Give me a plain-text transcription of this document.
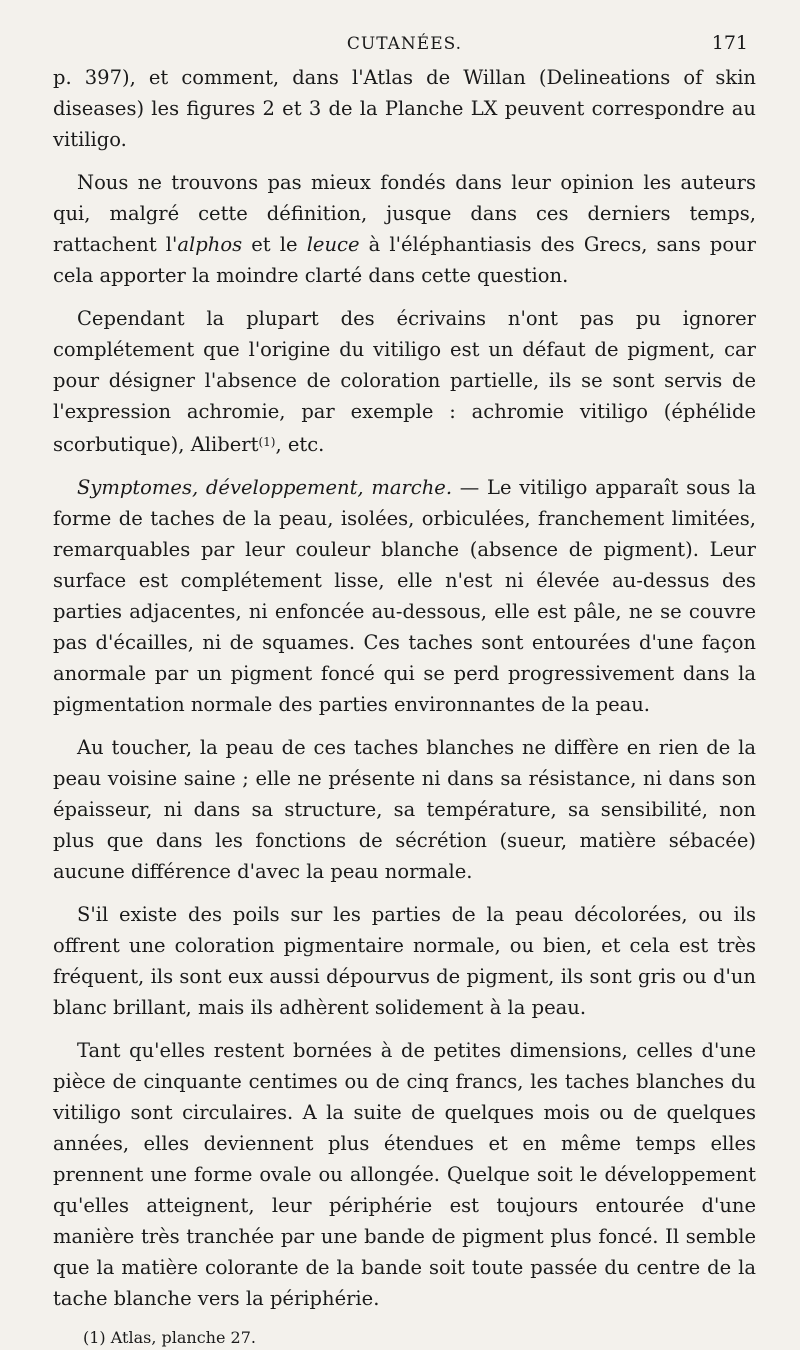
CUTANÉES.	171

p. 397), et comment, dans l'Atlas de Willan (Delineations of skin diseases) les figures 2 et 3 de la Planche LX peuvent correspondre au vitiligo.

Nous ne trouvons pas mieux fondés dans leur opinion les auteurs qui, malgré cette définition, jusque dans ces derniers temps, rattachent l'alphos et le leuce à l'éléphantiasis des Grecs, sans pour cela apporter la moindre clarté dans cette question.

Cependant la plupart des écrivains n'ont pas pu ignorer complétement que l'origine du vitiligo est un défaut de pigment, car pour désigner l'absence de coloration partielle, ils se sont servis de l'expression achromie, par exemple : achromie vitiligo (éphélide scorbutique), Alibert$^{(1)}$, etc.

Symptomes, développement, marche. — Le vitiligo apparaît sous la forme de taches de la peau, isolées, orbiculées, franchement limitées, remarquables par leur couleur blanche (absence de pigment). Leur surface est complétement lisse, elle n'est ni élevée au-dessus des parties adjacentes, ni enfoncée au-dessous, elle est pâle, ne se couvre pas d'écailles, ni de squames. Ces taches sont entourées d'une façon anormale par un pigment foncé qui se perd progressivement dans la pigmentation normale des parties environnantes de la peau.

Au toucher, la peau de ces taches blanches ne diffère en rien de la peau voisine saine ; elle ne présente ni dans sa résistance, ni dans son épaisseur, ni dans sa structure, sa température, sa sensibilité, non plus que dans les fonctions de sécrétion (sueur, matière sébacée) aucune différence d'avec la peau normale.

S'il existe des poils sur les parties de la peau décolorées, ou ils offrent une coloration pigmentaire normale, ou bien, et cela est très fréquent, ils sont eux aussi dépourvus de pigment, ils sont gris ou d'un blanc brillant, mais ils adhèrent solidement à la peau.

Tant qu'elles restent bornées à de petites dimensions, celles d'une pièce de cinquante centimes ou de cinq francs, les taches blanches du vitiligo sont circulaires. A la suite de quelques mois ou de quelques années, elles deviennent plus étendues et en même temps elles prennent une forme ovale ou allongée. Quelque soit le développement qu'elles atteignent, leur périphérie est toujours entourée d'une manière très tranchée par une bande de pigment plus foncé. Il semble que la matière colorante de la bande soit toute passée du centre de la tache blanche vers la périphérie.

(1) Atlas, planche 27.
